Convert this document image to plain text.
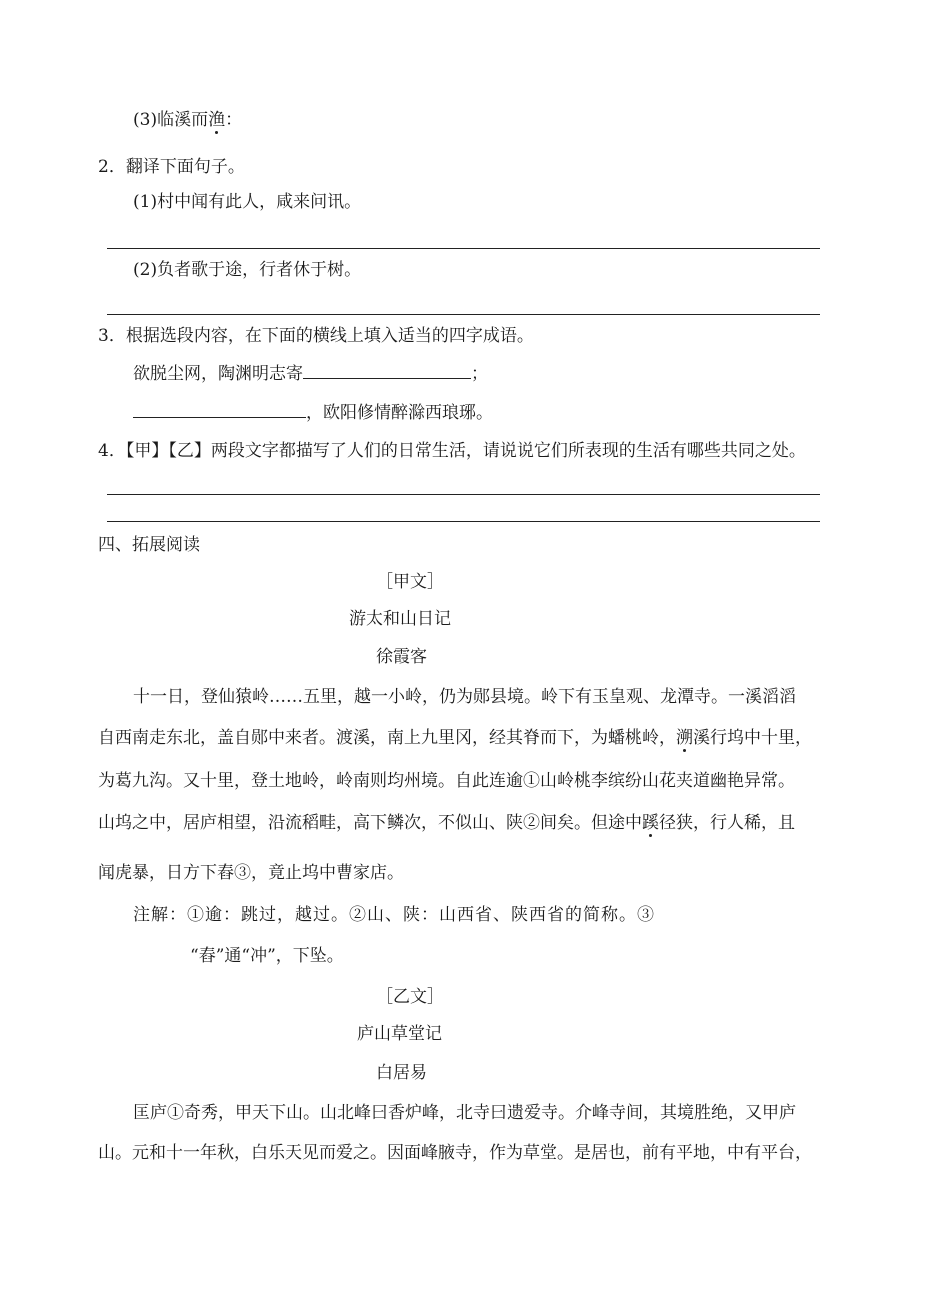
(3)临溪而渔：
2．翻译下面句子。
(1)村中闻有此人，咸来问讯。
(2)负者歌于途，行者休于树。
3．根据选段内容，在下面的横线上填入适当的四字成语。
欲脱尘网，陶渊明志寄	；
，欧阳修情醉滁西琅琊。
4．【甲】【乙】两段文字都描写了人们的日常生活，请说说它们所表现的生活有哪些共同之处。
四、拓展阅读
［甲文］
游太和山日记
徐霞客
十一日，登仙猿岭……五里，越一小岭，仍为郧县境。岭下有玉皇观、龙潭寺。一溪滔滔
自西南走东北，盖自郧中来者。渡溪，南上九里冈，经其脊而下，为蟠桃岭，溯溪行坞中十里，
为葛九沟。又十里，登土地岭，岭南则均州境。自此连逾①山岭桃李缤纷山花夹道幽艳异常。
山坞之中，居庐相望，沿流稻畦，高下鳞次，不似山、陕②间矣。但途中蹊径狭，行人稀，且
闻虎暴，日方下舂③，竟止坞中曹家店。
注解：①逾：跳过，越过。②山、陕：山西省、陕西省的简称。③
“舂”通“冲”，下坠。
［乙文］
庐山草堂记
白居易
匡庐①奇秀，甲天下山。山北峰曰香炉峰，北寺曰遗爱寺。介峰寺间，其境胜绝，又甲庐
山。元和十一年秋，白乐天见而爱之。因面峰腋寺，作为草堂。是居也，前有平地，中有平台，
